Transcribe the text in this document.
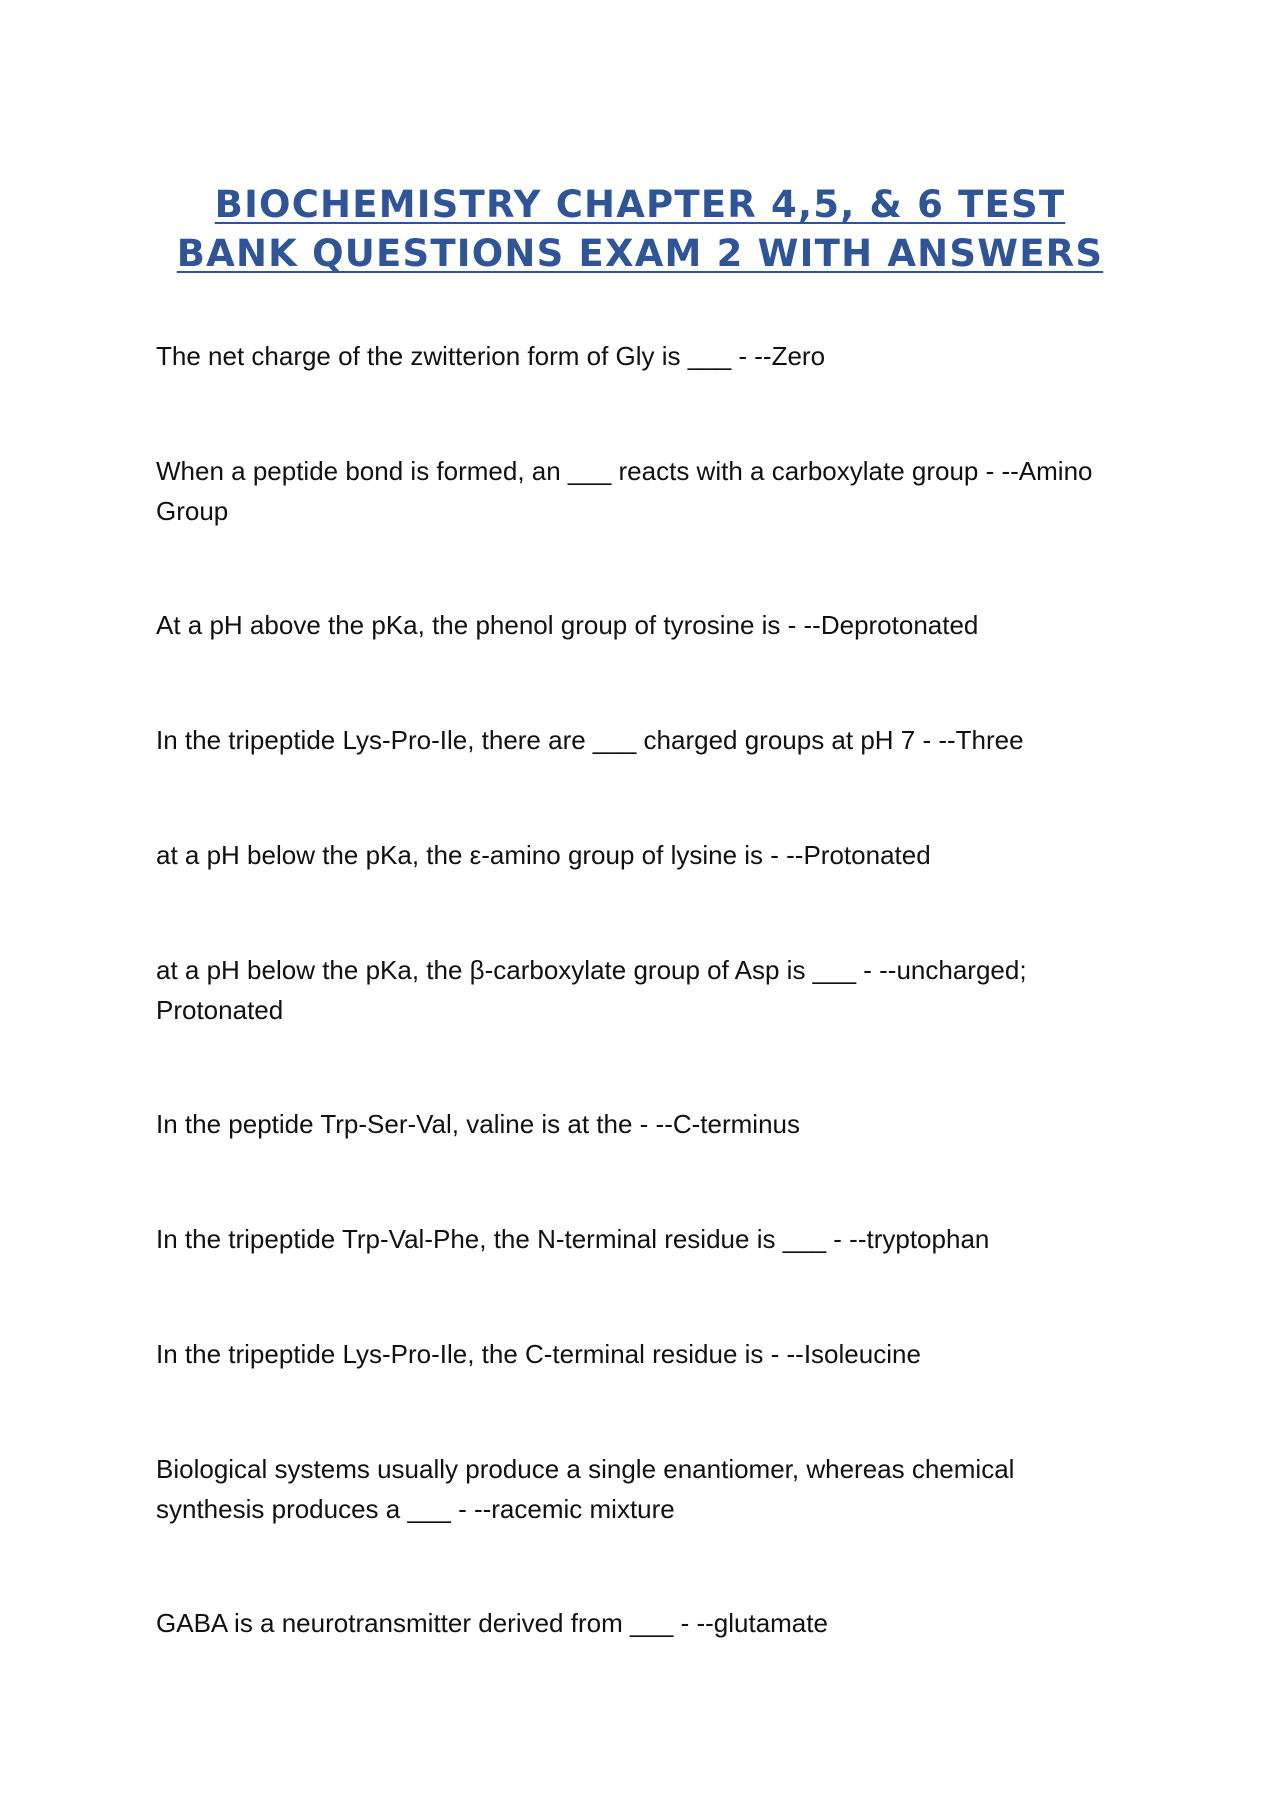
BIOCHEMISTRY CHAPTER 4,5, & 6 TEST
BANK QUESTIONS EXAM 2 WITH ANSWERS

The net charge of the zwitterion form of Gly is ___ - --Zero

When a peptide bond is formed, an ___ reacts with a carboxylate group - --Amino Group

At a pH above the pKa, the phenol group of tyrosine is - --Deprotonated

In the tripeptide Lys-Pro-Ile, there are ___ charged groups at pH 7 - --Three

at a pH below the pKa, the ε-amino group of lysine is - --Protonated

at a pH below the pKa, the β-carboxylate group of Asp is ___ - --uncharged; Protonated

In the peptide Trp-Ser-Val, valine is at the - --C-terminus

In the tripeptide Trp-Val-Phe, the N-terminal residue is ___ - --tryptophan

In the tripeptide Lys-Pro-Ile, the C-terminal residue is - --Isoleucine

Biological systems usually produce a single enantiomer, whereas chemical synthesis produces a ___ - --racemic mixture

GABA is a neurotransmitter derived from ___ - --glutamate
